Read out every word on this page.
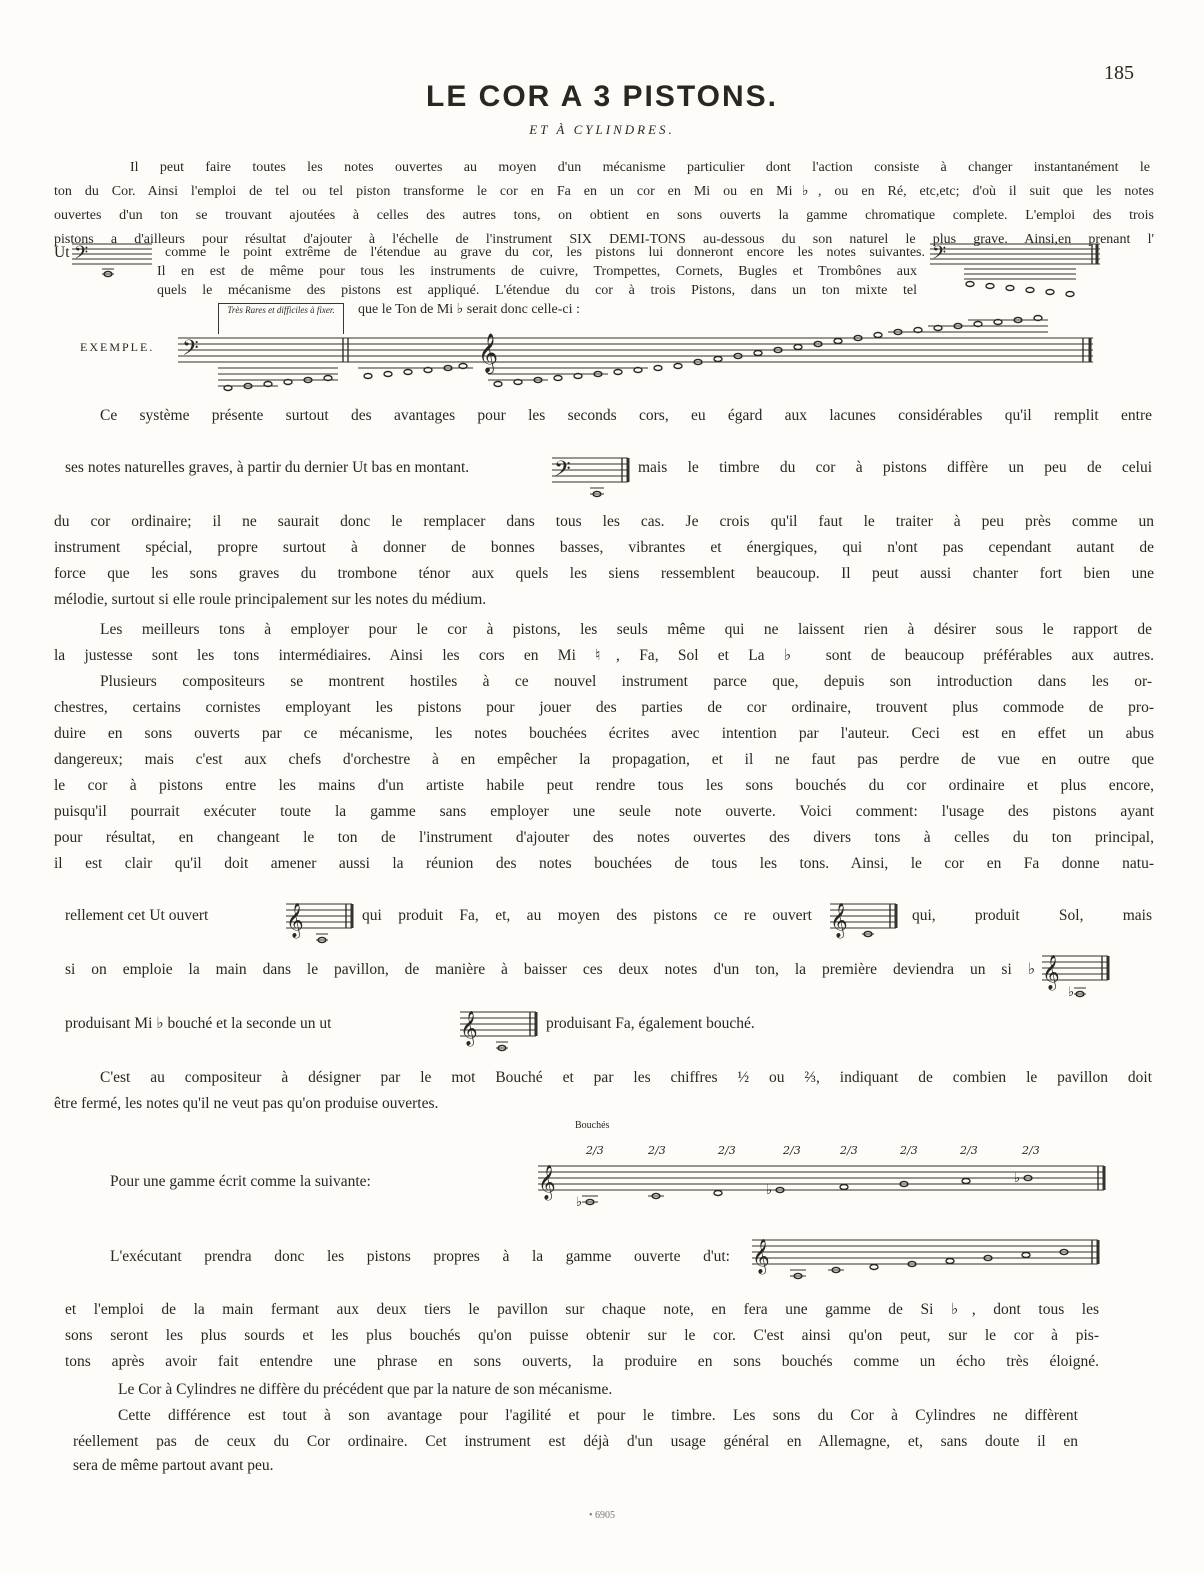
185
LE COR A 3 PISTONS.
ET À CYLINDRES.
Il peut faire toutes les notes ouvertes au moyen d'un mécanisme particulier dont l'action consiste à changer instantanément le
ton du Cor. Ainsi l'emploi de tel ou tel piston transforme le cor en Fa en un cor en Mi ou en Mi♭, ou en Ré, etc,etc; d'où il suit que les notes
ouvertes d'un ton se trouvant ajoutées à celles des autres tons, on obtient en sons ouverts la gamme chromatique complete. L'emploi des trois
pistons a d'ailleurs pour résultat d'ajouter à l'échelle de l'instrument SIX DEMI-TONS au-dessous du son naturel le plus grave. Ainsi,en prenant l'
Ut 𝄢	comme le point extrême de l'étendue au grave du cor, les pistons lui donneront encore les notes suivantes. 𝄢
Il en est de même pour tous les instruments de cuivre, Trompettes, Cornets, Bugles et Trombônes aux
quels le mécanisme des pistons est appliqué. L'étendue du cor à trois Pistons, dans un ton mixte tel
que le Ton de Mi ♭ serait donc celle-ci :
EXEMPLE.
Très Rares et difficiles à fixer.
𝄢	𝄞
Ce système présente surtout des avantages pour les seconds cors, eu égard aux lacunes considérables qu'il remplit entre
ses notes naturelles graves, à partir du dernier Ut bas en montant.	𝄢	mais le timbre du cor à pistons diffère un peu de celui
du cor ordinaire; il ne saurait donc le remplacer dans tous les cas. Je crois qu'il faut le traiter à peu près comme un
instrument spécial, propre surtout à donner de bonnes basses, vibrantes et énergiques, qui n'ont pas cependant autant de
force que les sons graves du trombone ténor aux quels les siens ressemblent beaucoup. Il peut aussi chanter fort bien une
mélodie, surtout si elle roule principalement sur les notes du médium.
Les meilleurs tons à employer pour le cor à pistons, les seuls même qui ne laissent rien à désirer sous le rapport de
la justesse sont les tons intermédiaires. Ainsi les cors en Mi ♮, Fa, Sol et La ♭ sont de beaucoup préférables aux autres.
Plusieurs compositeurs se montrent hostiles à ce nouvel instrument parce que, depuis son introduction dans les or-
chestres, certains cornistes employant les pistons pour jouer des parties de cor ordinaire, trouvent plus commode de pro-
duire en sons ouverts par ce mécanisme, les notes bouchées écrites avec intention par l'auteur. Ceci est en effet un abus
dangereux; mais c'est aux chefs d'orchestre à en empêcher la propagation, et il ne faut pas perdre de vue en outre que
le cor à pistons entre les mains d'un artiste habile peut rendre tous les sons bouchés du cor ordinaire et plus encore,
puisqu'il pourrait exécuter toute la gamme sans employer une seule note ouverte. Voici comment: l'usage des pistons ayant
pour résultat, en changeant le ton de l'instrument d'ajouter des notes ouvertes des divers tons à celles du ton principal,
il est clair qu'il doit amener aussi la réunion des notes bouchées de tous les tons. Ainsi, le cor en Fa donne natu-
rellement cet Ut ouvert	𝄞	qui produit Fa, et, au moyen des pistons ce re ouvert 𝄞	qui, produit Sol, mais
si on emploie la main dans le pavillon, de manière à baisser ces deux notes d'un ton, la première deviendra un si ♭ 𝄞
♭
produisant Mi ♭ bouché et la seconde un ut	𝄞	produisant Fa, également bouché.
C'est au compositeur à désigner par le mot Bouché et par les chiffres ½ ou ⅔, indiquant de combien le pavillon doit
être fermé, les notes qu'il ne veut pas qu'on produise ouvertes.
Bouchés
Pour une gamme écrit comme la suivante:
2/3	2/3	2/3	2/3	2/3	2/3	2/3	2/3
𝄞
♭
♭
♭
L'exécutant prendra donc les pistons propres à la gamme ouverte d'ut: 𝄞
et l'emploi de la main fermant aux deux tiers le pavillon sur chaque note, en fera une gamme de Si ♭, dont tous les
sons seront les plus sourds et les plus bouchés qu'on puisse obtenir sur le cor. C'est ainsi qu'on peut, sur le cor à pis-
tons après avoir fait entendre une phrase en sons ouverts, la produire en sons bouchés comme un écho très éloigné.
Le Cor à Cylindres ne diffère du précédent que par la nature de son mécanisme.
Cette différence est tout à son avantage pour l'agilité et pour le timbre. Les sons du Cor à Cylindres ne diffèrent
réellement pas de ceux du Cor ordinaire. Cet instrument est déjà d'un usage général en Allemagne, et, sans doute il en
sera de même partout avant peu.
• 6905
